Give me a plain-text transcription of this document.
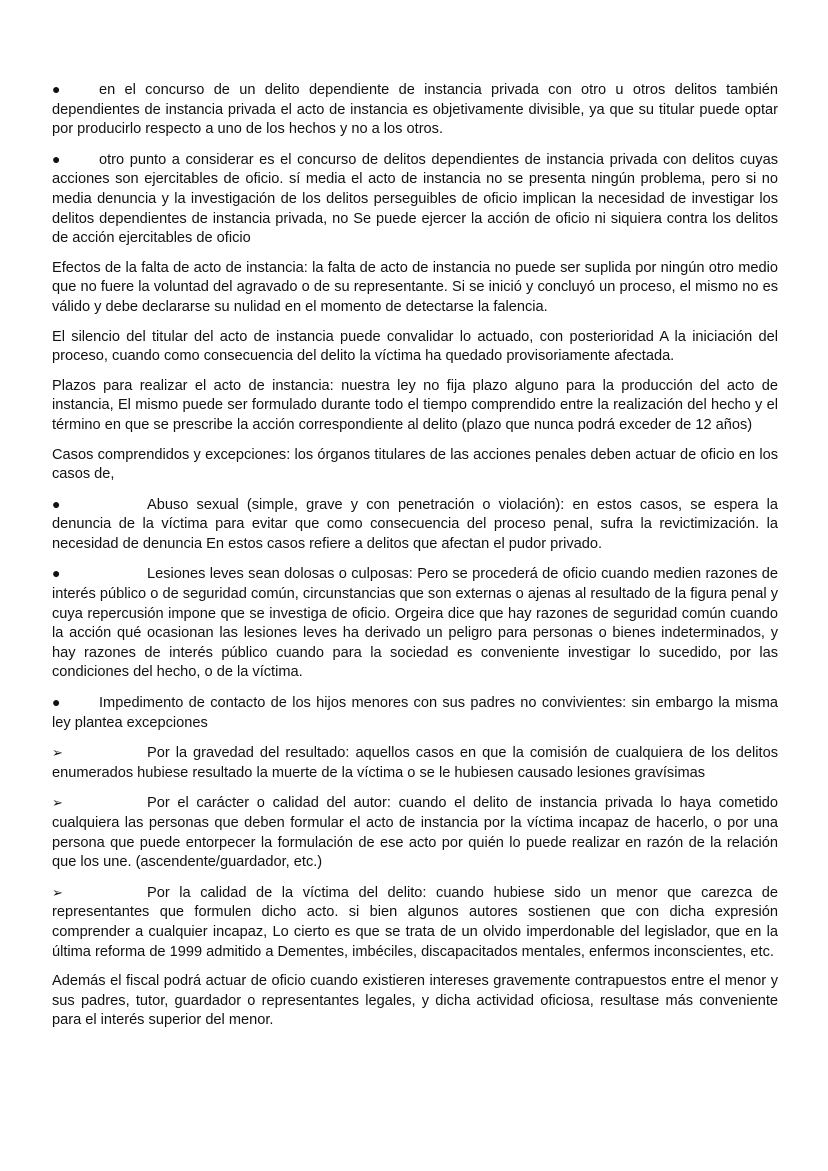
●	en el concurso de un delito dependiente de instancia privada con otro u otros delitos también dependientes de instancia privada el acto de instancia es objetivamente divisible, ya que su titular puede optar por producirlo respecto a uno de los hechos y no a los otros.

●	otro punto a considerar es el concurso de delitos dependientes de instancia privada con delitos cuyas acciones son ejercitables de oficio. sí media el acto de instancia no se presenta ningún problema, pero si no media denuncia y la investigación de los delitos perseguibles de oficio implican la necesidad de investigar los delitos dependientes de instancia privada, no Se puede ejercer la acción de oficio ni siquiera contra los delitos de acción ejercitables de oficio

Efectos de la falta de acto de instancia: la falta de acto de instancia no puede ser suplida por ningún otro medio que no fuere la voluntad del agravado o de su representante. Si se inició y concluyó un proceso, el mismo no es válido y debe declararse su nulidad en el momento de detectarse la falencia.

El silencio del titular del acto de instancia puede convalidar lo actuado, con posterioridad A la iniciación del proceso, cuando como consecuencia del delito la víctima ha quedado provisoriamente afectada.

Plazos para realizar el acto de instancia: nuestra ley no fija plazo alguno para la producción del acto de instancia, El mismo puede ser formulado durante todo el tiempo comprendido entre la realización del hecho y el término en que se prescribe la acción correspondiente al delito (plazo que nunca podrá exceder de 12 años)

Casos comprendidos y excepciones: los órganos titulares de las acciones penales deben actuar de oficio en los casos de,

●	Abuso sexual (simple, grave y con penetración o violación): en estos casos, se espera la denuncia de la víctima para evitar que como consecuencia del proceso penal, sufra la revictimización. la necesidad de denuncia En estos casos refiere a delitos que afectan el pudor privado.

●	Lesiones leves sean dolosas o culposas: Pero se procederá de oficio cuando medien razones de interés público o de seguridad común, circunstancias que son externas o ajenas al resultado de la figura penal y cuya repercusión impone que se investiga de oficio. Orgeira dice que hay razones de seguridad común cuando la acción qué ocasionan las lesiones leves ha derivado un peligro para personas o bienes indeterminados, y hay razones de interés público cuando para la sociedad es conveniente investigar lo sucedido, por las condiciones del hecho, o de la víctima.

●	Impedimento de contacto de los hijos menores con sus padres no convivientes: sin embargo la misma ley plantea excepciones

➢	Por la gravedad del resultado: aquellos casos en que la comisión de cualquiera de los delitos enumerados hubiese resultado la muerte de la víctima o se le hubiesen causado lesiones gravísimas

➢	Por el carácter o calidad del autor: cuando el delito de instancia privada lo haya cometido cualquiera las personas que deben formular el acto de instancia por la víctima incapaz de hacerlo, o por una persona que puede entorpecer la formulación de ese acto por quién lo puede realizar en razón de la relación que los une. (ascendente/guardador, etc.)

➢	Por la calidad de la víctima del delito: cuando hubiese sido un menor que carezca de representantes que formulen dicho acto. si bien algunos autores sostienen que con dicha expresión comprender a cualquier incapaz, Lo cierto es que se trata de un olvido imperdonable del legislador, que en la última reforma de 1999 admitido a Dementes, imbéciles, discapacitados mentales, enfermos inconscientes, etc.

Además el fiscal podrá actuar de oficio cuando existieren intereses gravemente contrapuestos entre el menor y sus padres, tutor, guardador o representantes legales, y dicha actividad oficiosa, resultase más conveniente para el interés superior del menor.
